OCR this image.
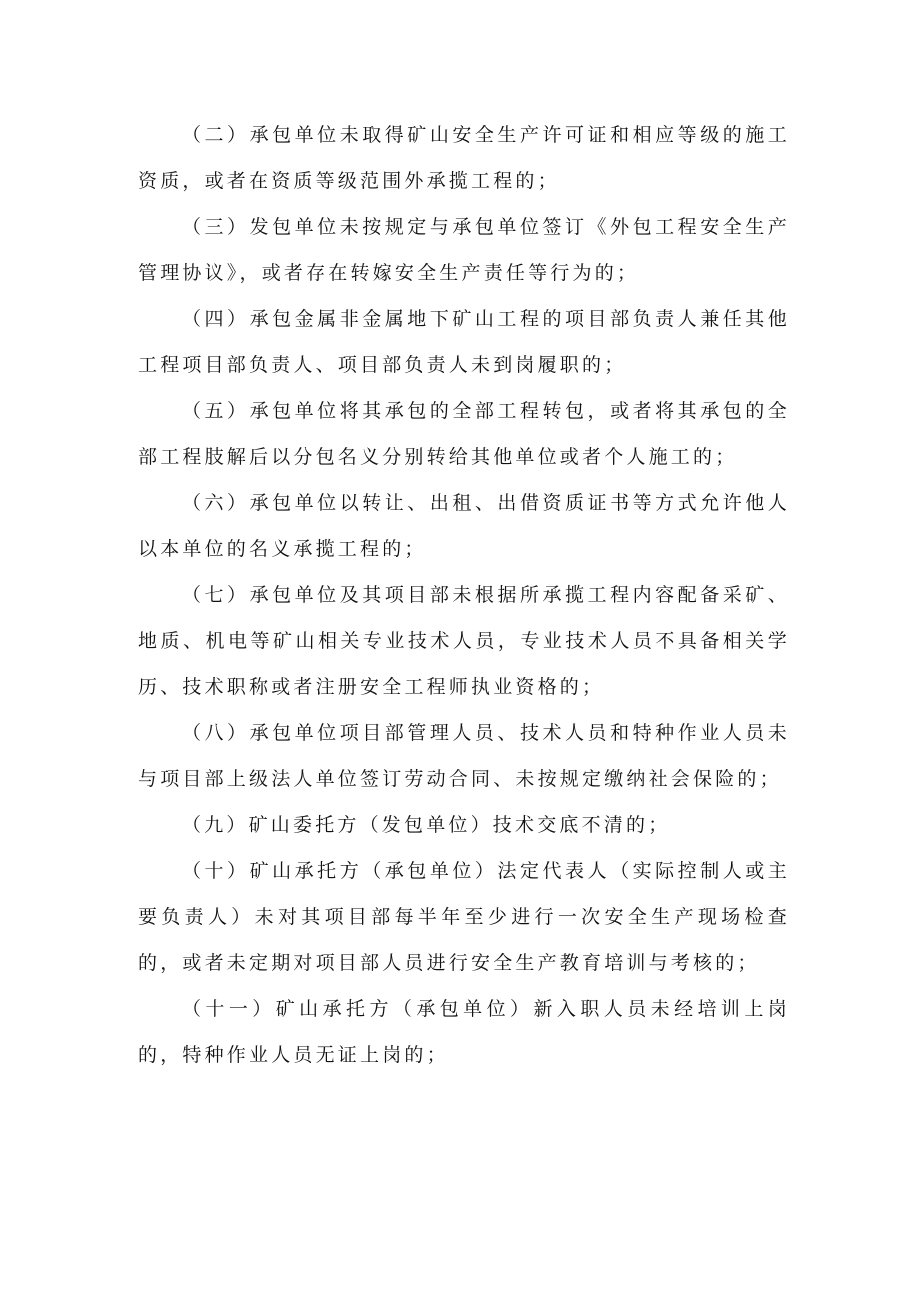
（二）承包单位未取得矿山安全生产许可证和相应等级的施工资质，或者在资质等级范围外承揽工程的；

（三）发包单位未按规定与承包单位签订《外包工程安全生产管理协议》，或者存在转嫁安全生产责任等行为的；

（四）承包金属非金属地下矿山工程的项目部负责人兼任其他工程项目部负责人、项目部负责人未到岗履职的；

（五）承包单位将其承包的全部工程转包，或者将其承包的全部工程肢解后以分包名义分别转给其他单位或者个人施工的；

（六）承包单位以转让、出租、出借资质证书等方式允许他人以本单位的名义承揽工程的；

（七）承包单位及其项目部未根据所承揽工程内容配备采矿、地质、机电等矿山相关专业技术人员，专业技术人员不具备相关学历、技术职称或者注册安全工程师执业资格的；

（八）承包单位项目部管理人员、技术人员和特种作业人员未与项目部上级法人单位签订劳动合同、未按规定缴纳社会保险的；

（九）矿山委托方（发包单位）技术交底不清的；

（十）矿山承托方（承包单位）法定代表人（实际控制人或主要负责人）未对其项目部每半年至少进行一次安全生产现场检查的，或者未定期对项目部人员进行安全生产教育培训与考核的；

（十一）矿山承托方（承包单位）新入职人员未经培训上岗的，特种作业人员无证上岗的；
